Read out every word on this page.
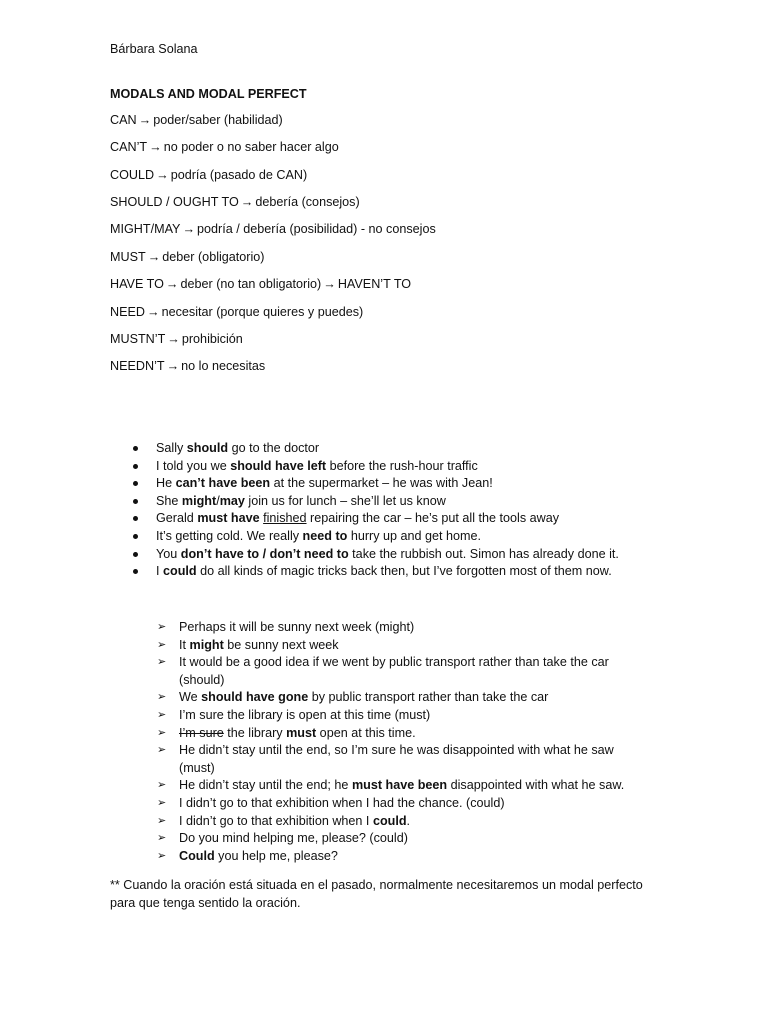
Bárbara Solana
MODALS AND MODAL PERFECT
CAN → poder/saber (habilidad)
CAN’T → no poder o no saber hacer algo
COULD → podría (pasado de CAN)
SHOULD / OUGHT TO → debería (consejos)
MIGHT/MAY → podría / debería (posibilidad) - no consejos
MUST → deber (obligatorio)
HAVE TO → deber (no tan obligatorio) → HAVEN’T TO
NEED → necesitar (porque quieres y puedes)
MUSTN’T → prohibición
NEEDN’T → no lo necesitas
Sally should go to the doctor
I told you we should have left before the rush-hour traffic
He can’t have been at the supermarket – he was with Jean!
She might/may join us for lunch – she’ll let us know
Gerald must have finished repairing the car – he’s put all the tools away
It’s getting cold. We really need to hurry up and get home.
You don’t have to / don’t need to take the rubbish out. Simon has already done it.
I could do all kinds of magic tricks back then, but I’ve forgotten most of them now.
➢ Perhaps it will be sunny next week (might)
➢ It might be sunny next week
➢ It would be a good idea if we went by public transport rather than take the car (should)
➢ We should have gone by public transport rather than take the car
➢ I’m sure the library is open at this time (must)
➢ I’m sure the library must open at this time.
➢ He didn’t stay until the end, so I’m sure he was disappointed with what he saw (must)
➢ He didn’t stay until the end; he must have been disappointed with what he saw.
➢ I didn’t go to that exhibition when I had the chance. (could)
➢ I didn’t go to that exhibition when I could.
➢ Do you mind helping me, please? (could)
➢ Could you help me, please?
** Cuando la oración está situada en el pasado, normalmente necesitaremos un modal perfecto para que tenga sentido la oración.
